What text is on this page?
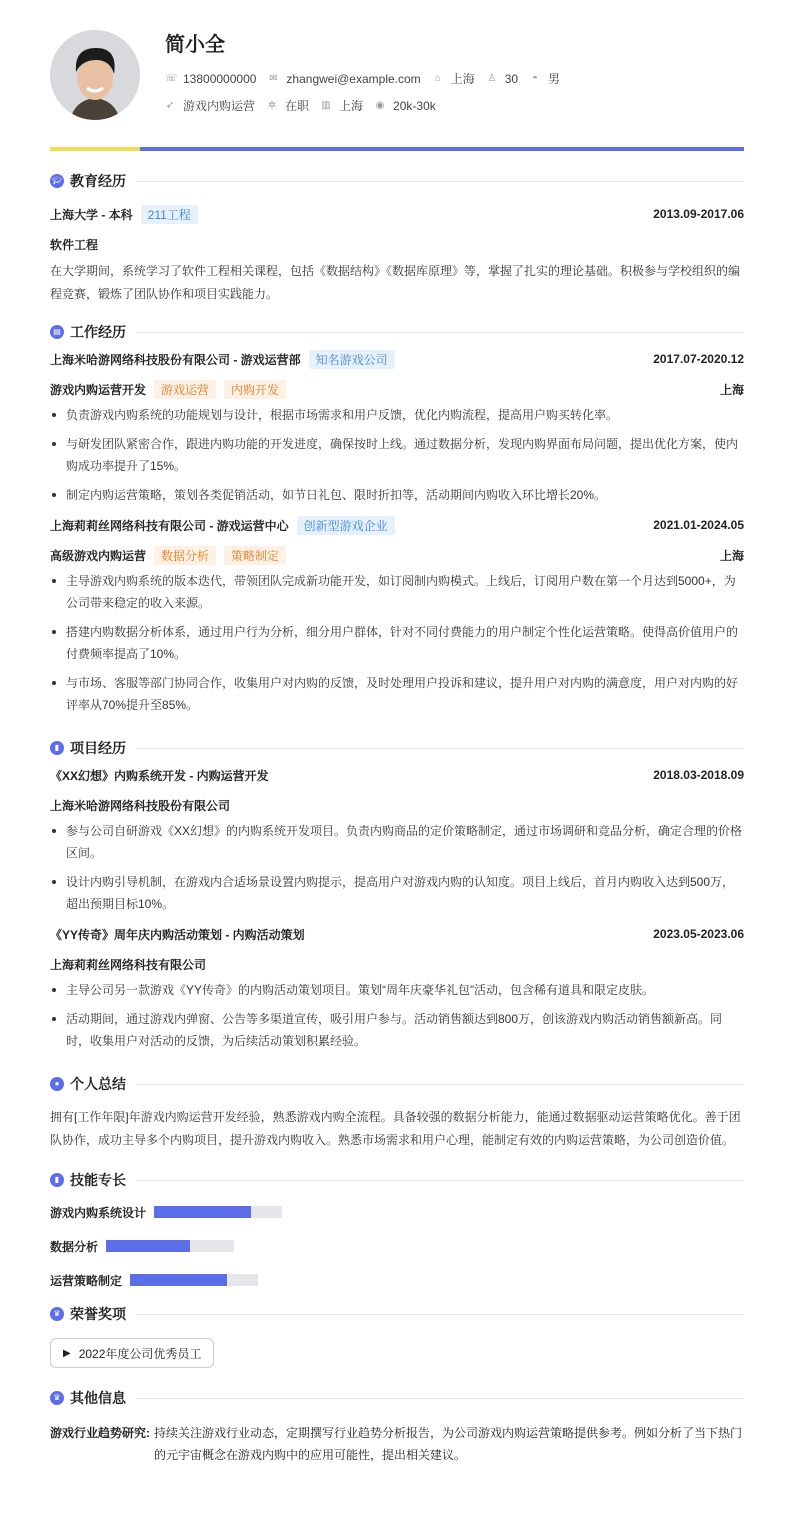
简小全
☏ 13800000000 ✉ zhangwei@example.com ⌂ 上海 ♙ 30 ◓ 男
➶ 游戏内购运营 ✲ 在职 ▥ 上海 ◉ 20k-30k
🎓︎ 教育经历
上海大学 - 本科	211工程	2013.09-2017.06
软件工程
在大学期间，系统学习了软件工程相关课程，包括《数据结构》《数据库原理》等，掌握了扎实的理论基础。积极参与学校组织的编程竞赛，锻炼了团队协作和项目实践能力。
▤ 工作经历
上海米哈游网络科技股份有限公司 - 游戏运营部	知名游戏公司	2017.07-2020.12
游戏内购运营开发	游戏运营	内购开发	上海
负责游戏内购系统的功能规划与设计，根据市场需求和用户反馈，优化内购流程，提高用户购买转化率。
与研发团队紧密合作，跟进内购功能的开发进度，确保按时上线。通过数据分析，发现内购界面布局问题，提出优化方案，使内购成功率提升了15%。
制定内购运营策略，策划各类促销活动，如节日礼包、限时折扣等，活动期间内购收入环比增长20%。
上海莉莉丝网络科技有限公司 - 游戏运营中心	创新型游戏企业	2021.01-2024.05
高级游戏内购运营	数据分析	策略制定	上海
主导游戏内购系统的版本迭代，带领团队完成新功能开发，如订阅制内购模式。上线后，订阅用户数在第一个月达到5000+，为公司带来稳定的收入来源。
搭建内购数据分析体系，通过用户行为分析，细分用户群体，针对不同付费能力的用户制定个性化运营策略。使得高价值用户的付费频率提高了10%。
与市场、客服等部门协同合作，收集用户对内购的反馈，及时处理用户投诉和建议，提升用户对内购的满意度，用户对内购的好评率从70%提升至85%。
▮ 项目经历
《XX幻想》内购系统开发 - 内购运营开发	2018.03-2018.09
上海米哈游网络科技股份有限公司
参与公司自研游戏《XX幻想》的内购系统开发项目。负责内购商品的定价策略制定，通过市场调研和竞品分析，确定合理的价格区间。
设计内购引导机制，在游戏内合适场景设置内购提示，提高用户对游戏内购的认知度。项目上线后，首月内购收入达到500万，超出预期目标10%。
《YY传奇》周年庆内购活动策划 - 内购活动策划	2023.05-2023.06
上海莉莉丝网络科技有限公司
主导公司另一款游戏《YY传奇》的内购活动策划项目。策划“周年庆豪华礼包”活动，包含稀有道具和限定皮肤。
活动期间，通过游戏内弹窗、公告等多渠道宣传，吸引用户参与。活动销售额达到800万，创该游戏内购活动销售额新高。同时，收集用户对活动的反馈，为后续活动策划积累经验。
● 个人总结
拥有[工作年限]年游戏内购运营开发经验，熟悉游戏内购全流程。具备较强的数据分析能力，能通过数据驱动运营策略优化。善于团队协作，成功主导多个内购项目，提升游戏内购收入。熟悉市场需求和用户心理，能制定有效的内购运营策略，为公司创造价值。
▮ 技能专长
游戏内购系统设计
数据分析
运营策略制定
♛ 荣誉奖项
▶ 2022年度公司优秀员工
♛ 其他信息
游戏行业趋势研究: 持续关注游戏行业动态，定期撰写行业趋势分析报告，为公司游戏内购运营策略提供参考。例如分析了当下热门的元宇宙概念在游戏内购中的应用可能性，提出相关建议。
